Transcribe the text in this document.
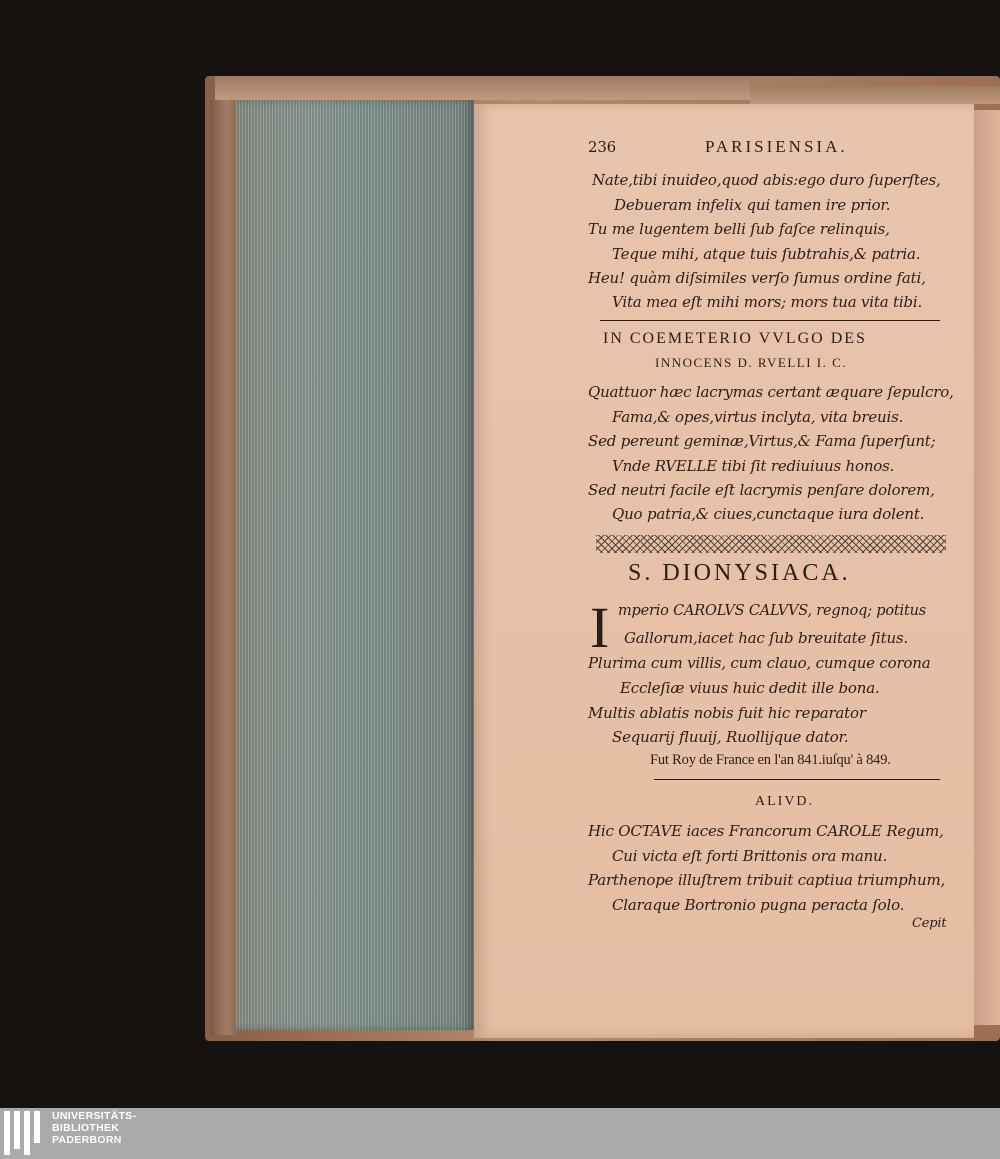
236	PARISIENSIA.
Nate,tibi inuideo,quod abis:ego duro ſuperſtes,
Debueram infelix qui tamen ire prior.
Tu me lugentem belli ſub faſce relinquis,
Teque mihi, atque tuis ſubtrahis,& patria.
Heu! quàm diſsimiles verſo ſumus ordine fati,
Vita mea eſt mihi mors; mors tua vita tibi.
IN COEMETERIO VVLGO DES
INNOCENS D. RVELLI I. C.
Quattuor hæc lacrymas certant æquare ſepulcro,
Fama,& opes,virtus inclyta, vita breuis.
Sed pereunt geminæ,Virtus,& Fama ſuperſunt;
Vnde RVELLE tibi ſit rediuiuus honos.
Sed neutri facile eſt lacrymis penſare dolorem,
Quo patria,& ciues,cunctaque iura dolent.
S. DIONYSIACA.
I mperio CAROLVS CALVVS, regnoq; potitus
Gallorum,iacet hac ſub breuitate ſitus.
Plurima cum villis, cum clauo, cumque corona
Eccleſiæ viuus huic dedit ille bona.
Multis ablatis nobis fuit hic reparator
Sequarij fluuij, Ruollijque dator.
Fut Roy de France en l'an 841.iuſqu' à 849.
ALIVD.
Hic OCTAVE iaces Francorum CAROLE Regum,
Cui victa eſt forti Brittonis ora manu.
Parthenope illuſtrem tribuit captiua triumphum,
Claraque Bortronio pugna peracta ſolo.
Cepit
UNIVERSITÄTS-
BIBLIOTHEK
PADERBORN
